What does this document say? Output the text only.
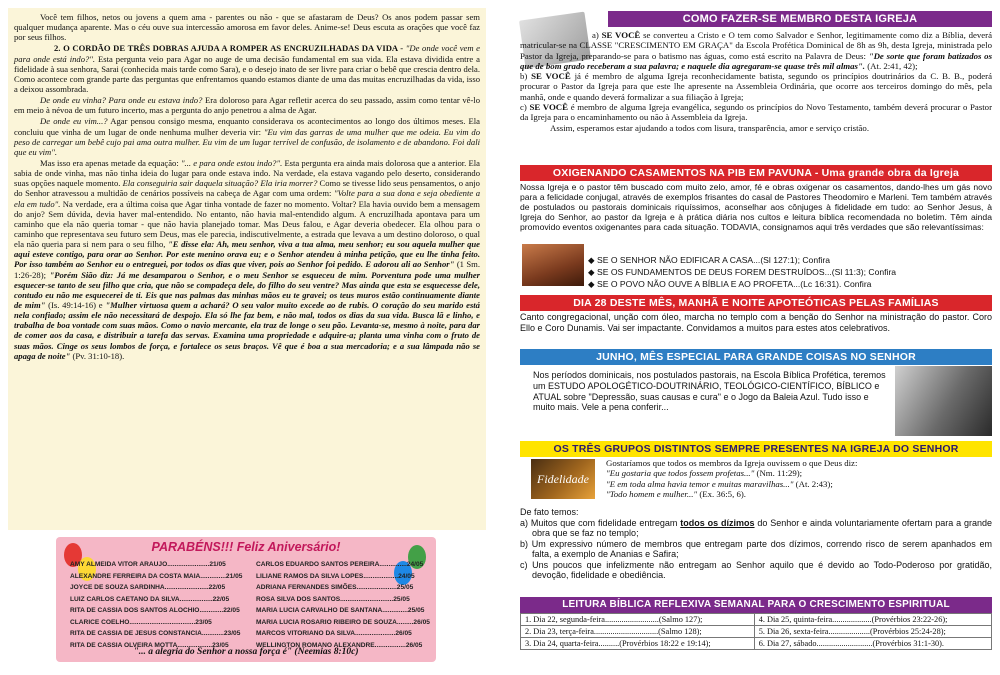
Você tem filhos, netos ou jovens a quem ama - parentes ou não - que se afastaram de Deus? Os anos podem passar sem qualquer mudança aparente. Mas o céu ouve sua intercessão amorosa em favor deles. Anime-se! Deus escuta as orações que você faz por seus filhos.

2. O CORDÃO DE TRÊS DOBRAS AJUDA A ROMPER AS ENCRUZILHADAS DA VIDA - "De onde você vem e para onde está indo?". Esta pergunta veio para Agar no auge de uma decisão fundamental em sua vida. Ela estava dividida entre a fidelidade à sua senhora, Sarai (conhecida mais tarde como Sara), e o desejo inato de ser livre para criar o bebê que crescia dentro dela. Como acontece com grande parte das perguntas que enfrentamos quando estamos diante de uma das muitas encruzilhadas da vida, isso a deixou assombrada.

De onde eu vinha? Para onde eu estava indo? Era doloroso para Agar refletir acerca do seu passado, assim como tentar vê-lo em meio à névoa de um futuro incerto, mas a pergunta do anjo penetrou a alma de Agar.

De onde eu vim...? Agar pensou consigo mesma, enquanto considerava os acontecimentos ao longo dos últimos meses. Ela concluiu que vinha de um lugar de onde nenhuma mulher deveria vir: "Eu vim das garras de uma mulher que me odeia. Eu vim do peso de carregar um bebê cujo pai ama outra mulher. Eu vim de um lugar terrível de confusão, de isolamento e de abandono. Foi dali que eu vim".

Mas isso era apenas metade da equação: "... e para onde estou indo?". Esta pergunta era ainda mais dolorosa que a anterior. Ela sabia de onde vinha, mas não tinha ideia do lugar para onde estava indo. Na verdade, ela estava vagando pelo deserto, considerando suas opções naquele momento. Ela conseguiria sair daquela situação? Ela iria morrer? Como se tivesse lido seus pensamentos, o anjo do Senhor atravessou a multidão de cenários possíveis na cabeça de Agar com uma ordem: "Volte para a sua dona e seja obediente a ela em tudo". Na verdade, era a última coisa que Agar tinha vontade de fazer no momento. Voltar? Ela havia ouvido bem a mensagem do anjo? Sem dúvida, devia haver mal-entendido. No entanto, não havia mal-entendido algum. A encruzilhada apontava para um caminho que ela não queria tomar - que não havia planejado tomar. Mas Deus falou, e Agar deveria obedecer. Ela olhou para o caminho que representava seu futuro sem Deus, mas ele parecia, indiscutivelmente, a estrada que levava a um destino doloroso, o qual ela não queria para si nem para o seu filho, "E disse ela: Ah, meu senhor, viva a tua alma, meu senhor; eu sou aquela mulher que aqui esteve contigo, para orar ao Senhor. Por este menino orava eu; e o Senhor atendeu à minha petição, que eu lhe tinha feito. Por isso também ao Senhor eu o entreguei, por todos os dias que viver, pois ao Senhor foi pedido. E adorou ali ao Senhor" (1 Sm. 1:26-28); "Porém Sião diz: Já me desamparou o Senhor, e o meu Senhor se esqueceu de mim. Porventura pode uma mulher esquecer-se tanto de seu filho que cria, que não se compadeça dele, do filho do seu ventre? Mas ainda que esta se esquecesse dele, contudo eu não me esquecerei de ti. Eis que nas palmas das minhas mãos eu te gravei; os teus muros estão continuamente diante de mim" (Is. 49:14-16) e "Mulher virtuosa quem a achará? O seu valor muito excede ao de rubis. O coração do seu marido está nela confiado; assim ele não necessitará de despojo. Ela só lhe faz bem, e não mal, todos os dias da sua vida. Busca lã e linho, e trabalha de boa vontade com suas mãos. Como o navio mercante, ela traz de longe o seu pão. Levanta-se, mesmo à noite, para dar de comer aos da casa, e distribuir a tarefa das servas. Examina uma propriedade e adquire-a; planta uma vinha com o fruto de suas mãos. Cinge os seus lombos de força, e fortalece os seus braços. Vê que é boa a sua mercadoria; e a sua lâmpada não se apaga de noite" (Pv. 31:10-18).

PARABÉNS!!! Feliz Aniversário!
AMY ALMEIDA VITOR ARAUJO.......................21/05
ALEXANDRE FERREIRA DA COSTA MAIA..............21/05
JOYCE DE SOUZA SARDINHA........................22/05
LUIZ CARLOS CAETANO DA SILVA..................22/05
RITA DE CASSIA DOS SANTOS ALOCHIO.............22/05
CLARICE COELHO....................................23/05
RITA DE CASSIA DE JESUS CONSTANCIA............23/05
RITA DE CASSIA OLVEIRA MOTTA...................23/05
CARLOS EDUARDO SANTOS PEREIRA...............24/05
LILIANE RAMOS DA SILVA LOPES...................24/05
ADRIANA FERNANDES SIMÕES......................25/05
ROSA SILVA DOS SANTOS.............................25/05
MARIA LUCIA CARVALHO DE SANTANA..............25/05
MARIA LUCIA ROSARIO RIBEIRO DE SOUZA.........26/05
MARCOS VITORIANO DA SILVA......................26/05
WELLINGTON ROMANO ALEXANDRE.................26/05
"... a alegria do Senhor a nossa força é" (Neemias 8:10c)
COMO FAZER-SE MEMBRO DESTA IGREJA

a) SE VOCÊ se converteu a Cristo e O tem como Salvador e Senhor, legitimamente como diz a Bíblia, deverá matricular-se na CLASSE "CRESCIMENTO EM GRAÇA" da Escola Profética Dominical de 8h as 9h, desta Igreja, ministrada pelo Pastor da Igreja, preparando-se para o batismo nas águas, como está escrito na Palavra de Deus: "De sorte que foram batizados os que de bom grado receberam a sua palavra; e naquele dia agregaram-se quase três mil almas". (At. 2:41, 42);

b) SE VOCÊ já é membro de alguma Igreja reconhecidamente batista, segundo os princípios doutrinários da C. B. B., poderá procurar o Pastor da Igreja para que este lhe apresente na Assembleia Ordinária, que ocorre aos terceiros domingo do mês, pela manhã, onde e quando deverá formalizar a sua filiação à Igreja;

c) SE VOCÊ é membro de alguma Igreja evangélica, segundo os princípios do Novo Testamento, também deverá procurar o Pastor da Igreja para o encaminhamento ou não à Assembleia da Igreja.

Assim, esperamos estar ajudando a todos com lisura, transparência, amor e serviço cristão.

OXIGENANDO CASAMENTOS NA PIB EM PAVUNA - Uma grande obra da Igreja
Nossa Igreja e o pastor têm buscado com muito zelo, amor, fé e obras oxigenar os casamentos, dando-lhes um gás novo para a felicidade conjugal, através de exemplos frisantes do casal de Pastores Theodomiro e Marleni. Tem também através de postulados ou pastorais dominicais riquíssimos, aconselhar aos cônjuges à fidelidade em tudo: ao Senhor Jesus, à Igreja do Senhor, ao pastor da Igreja e à prática diária nos cultos e leitura bíblica recomendada no boletim. Têm ainda promovido eventos oxigenantes para cada situação. TODAVIA, consignamos aqui três verdades que são relevantíssimas:
◆ SE O SENHOR NÃO EDIFICAR A CASA...(Sl 127:1); Confira
◆ SE OS FUNDAMENTOS DE DEUS FOREM DESTRUÍDOS...(Sl 11:3); Confira
◆ SE O POVO NÃO OUVE A BÍBLIA E AO PROFETA...(Lc 16:31). Confira
DIA 28 DESTE MÊS, MANHÃ E NOITE APOTEÓTICAS PELAS FAMÍLIAS
Canto congregacional, unção com óleo, marcha no templo com a benção do Senhor na ministração do pastor. Coro Ello e Coro Dunamis. Vai ser impactante. Convidamos a muitos para estes atos celebrativos.
JUNHO, MÊS ESPECIAL PARA GRANDE COISAS NO SENHOR
Nos períodos dominicais, nos postulados pastorais, na Escola Bíblica Profética, teremos um ESTUDO APOLOGÉTICO-DOUTRINÁRIO, TEOLÓGICO-CIENTÍFICO, BÍBLICO e ATUAL sobre "Depressão, suas causas e cura" e o Jogo da Baleia Azul. Tudo isso e muito mais. Vele a pena conferir...
OS TRÊS GRUPOS DISTINTOS SEMPRE PRESENTES NA IGREJA DO SENHOR
Fidelidade
Gostaríamos que todos os membros da Igreja ouvissem o que Deus diz:
"Eu gostaria que todos fossem profetas..." (Nm. 11:29);
"E em toda alma havia temor e muitas maravilhas..." (At. 2:43);
"Todo homem e mulher..." (Ex. 36:5, 6).
De fato temos:
a) Muitos que com fidelidade entregam todos os dízimos do Senhor e ainda voluntariamente ofertam para a grande obra que se faz no templo;
b) Um expressivo número de membros que entregam parte dos dízimos, correndo risco de serem apanhados em falta, a exemplo de Ananias e Safira;
c) Uns poucos que infelizmente não entregam ao Senhor aquilo que é devido ao Todo-Poderoso por gratidão, devoção, fidelidade e obediência.
LEITURA BÍBLICA REFLEXIVA SEMANAL PARA O CRESCIMENTO ESPIRITUAL
1. Dia 22, segunda-feira..........................(Salmo 127);	4. Dia 25, quinta-feira...................(Provérbios 23:22-26);
2. Dia 23, terça-feira...............................(Salmo 128);	5. Dia 26, sexta-feira....................(Provérbios 25:24-28);
3. Dia 24, quarta-feira..........(Provérbios 18:22 e 19:14);	6. Dia 27, sábado...........................(Provérbios 31:1-30).
